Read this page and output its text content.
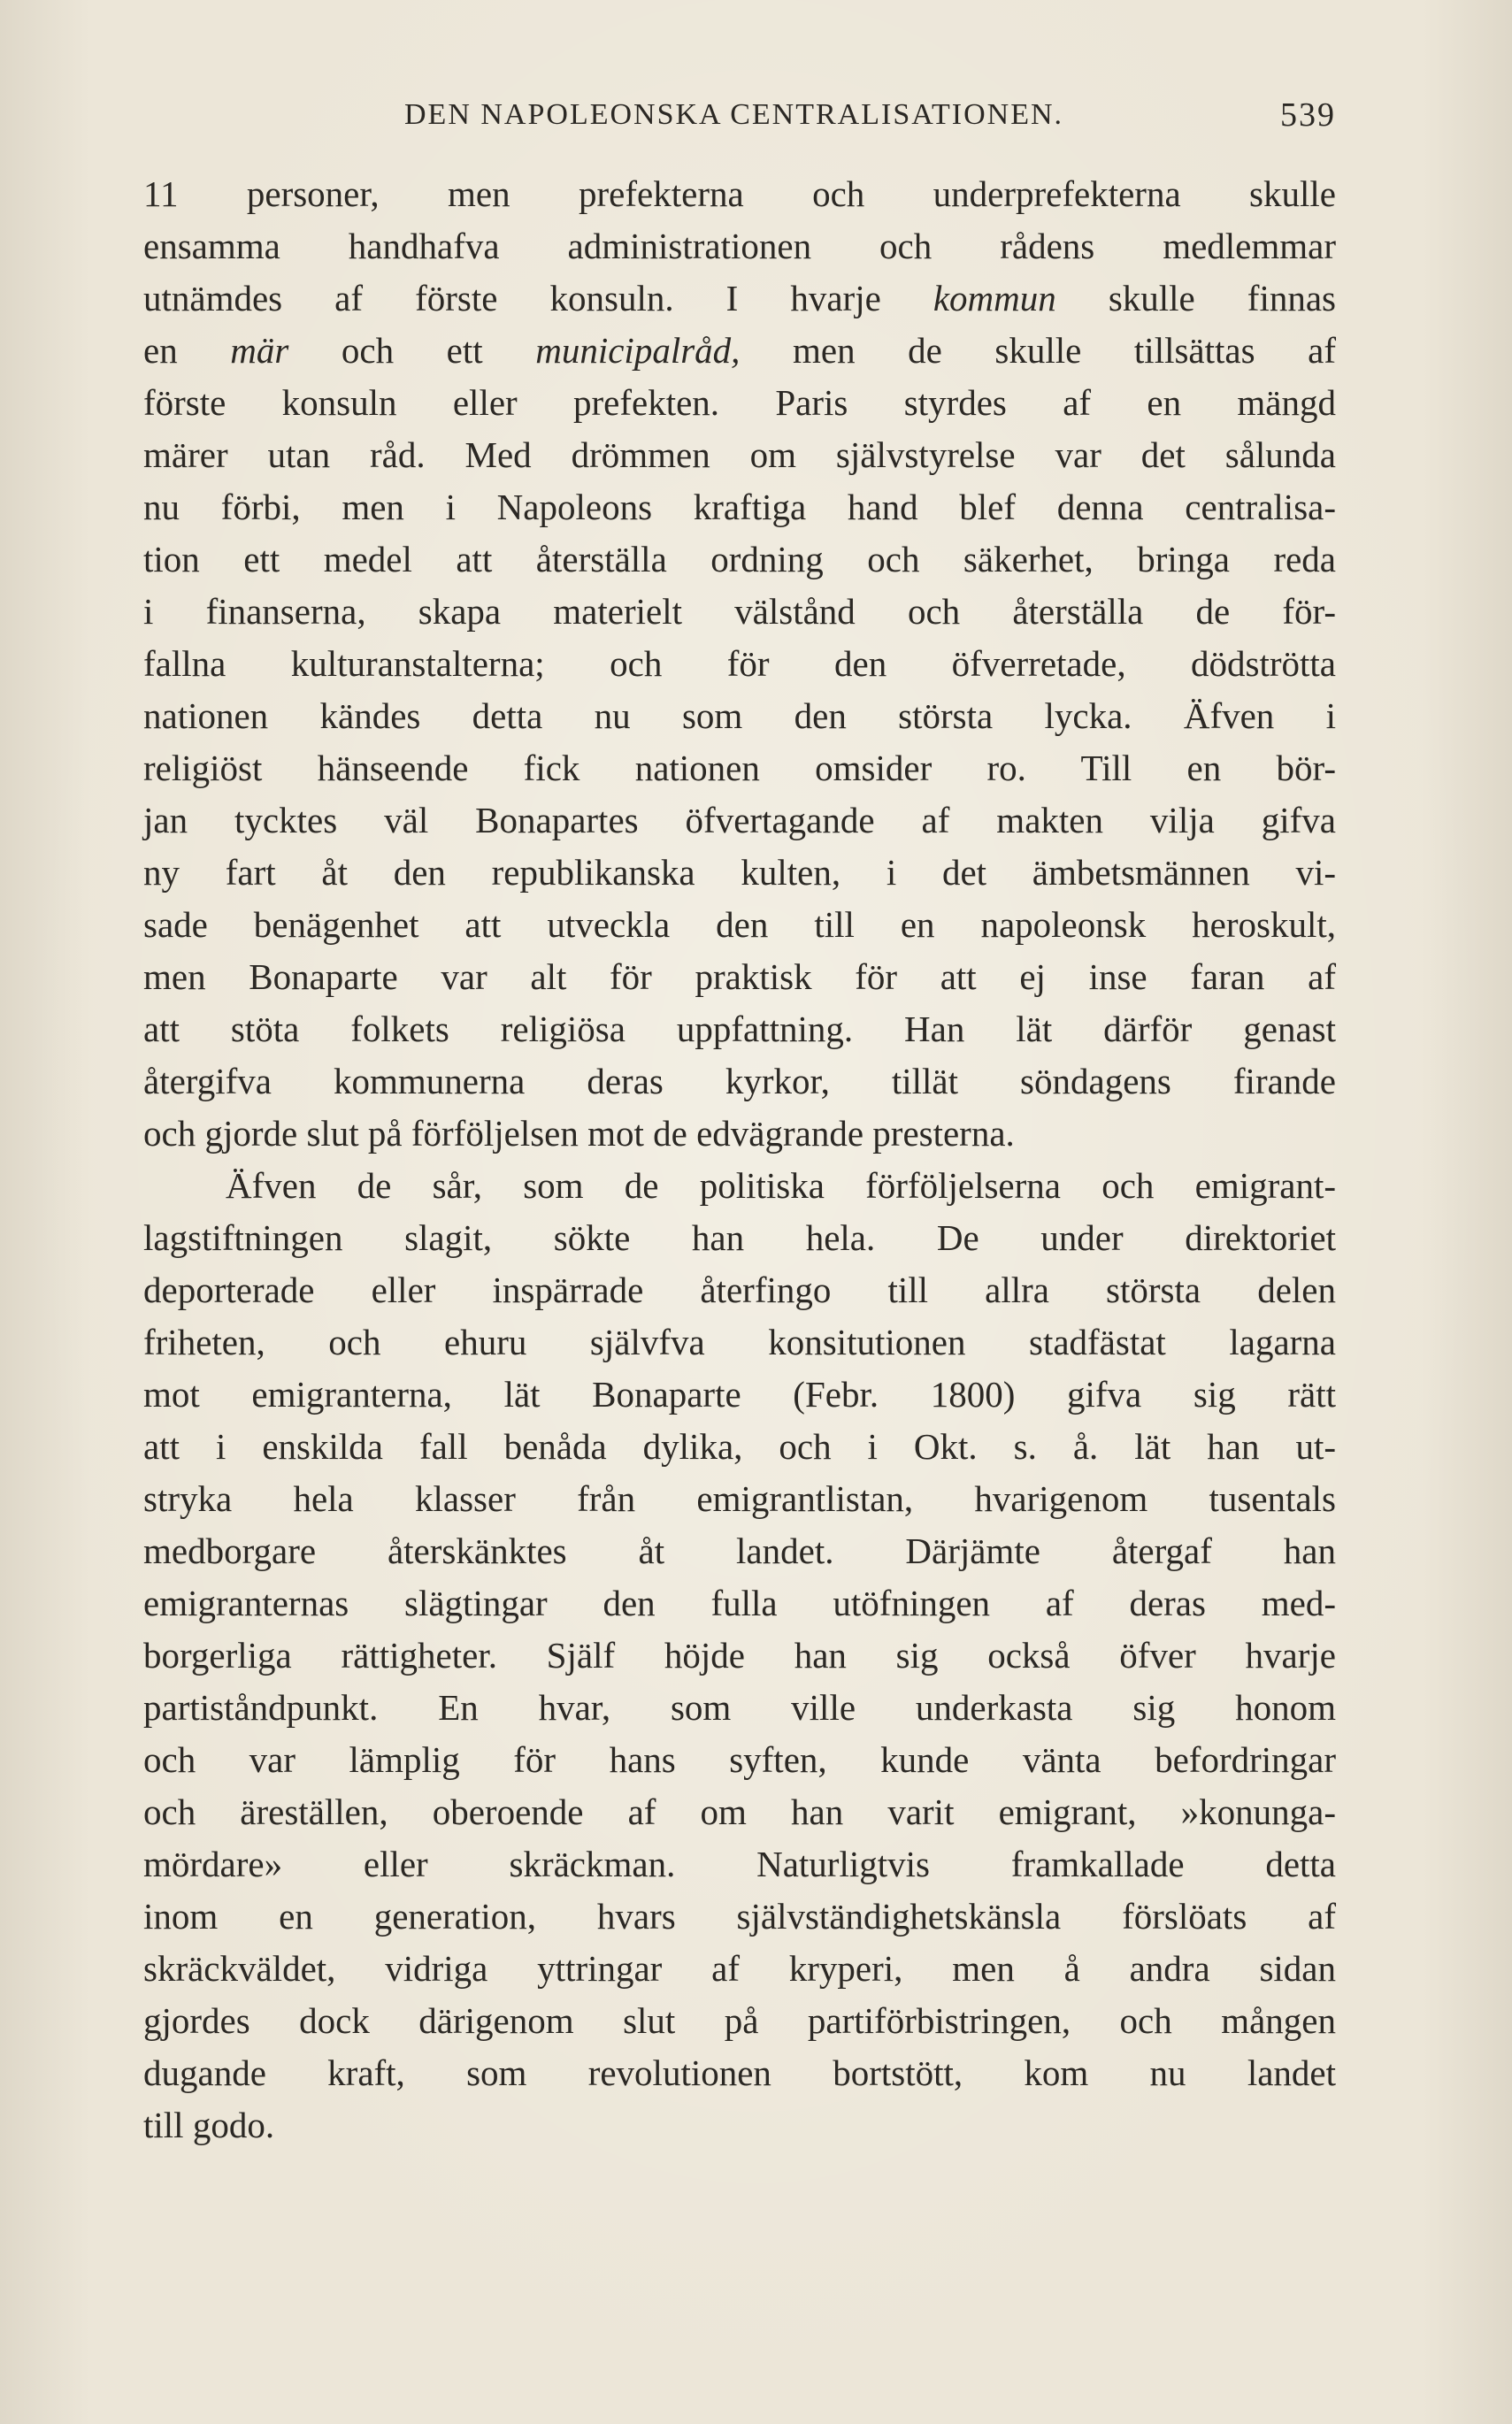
DEN NAPOLEONSKA CENTRALISATIONEN.	539
11 personer, men prefekterna och underprefekterna skulle
ensamma handhafva administrationen och rådens medlemmar
utnämdes af förste konsuln. I hvarje kommun skulle finnas
en mär och ett municipalråd, men de skulle tillsättas af
förste konsuln eller prefekten. Paris styrdes af en mängd
märer utan råd. Med drömmen om självstyrelse var det sålunda
nu förbi, men i Napoleons kraftiga hand blef denna centralisa-
tion ett medel att återställa ordning och säkerhet, bringa reda
i finanserna, skapa materielt välstånd och återställa de för-
fallna kulturanstalterna; och för den öfverretade, dödströtta
nationen kändes detta nu som den största lycka. Äfven i
religiöst hänseende fick nationen omsider ro. Till en bör-
jan tycktes väl Bonapartes öfvertagande af makten vilja gifva
ny fart åt den republikanska kulten, i det ämbetsmännen vi-
sade benägenhet att utveckla den till en napoleonsk heroskult,
men Bonaparte var alt för praktisk för att ej inse faran af
att stöta folkets religiösa uppfattning. Han lät därför genast
återgifva kommunerna deras kyrkor, tillät söndagens firande
och gjorde slut på förföljelsen mot de edvägrande presterna.
Äfven de sår, som de politiska förföljelserna och emigrant-
lagstiftningen slagit, sökte han hela. De under direktoriet
deporterade eller inspärrade återfingo till allra största delen
friheten, och ehuru självfva konsitutionen stadfästat lagarna
mot emigranterna, lät Bonaparte (Febr. 1800) gifva sig rätt
att i enskilda fall benåda dylika, och i Okt. s. å. lät han ut-
stryka hela klasser från emigrantlistan, hvarigenom tusentals
medborgare återskänktes åt landet. Därjämte återgaf han
emigranternas slägtingar den fulla utöfningen af deras med-
borgerliga rättigheter. Själf höjde han sig också öfver hvarje
partiståndpunkt. En hvar, som ville underkasta sig honom
och var lämplig för hans syften, kunde vänta befordringar
och äreställen, oberoende af om han varit emigrant, »konunga-
mördare» eller skräckman. Naturligtvis framkallade detta
inom en generation, hvars självständighetskänsla förslöats af
skräckväldet, vidriga yttringar af kryperi, men å andra sidan
gjordes dock därigenom slut på partiförbistringen, och mången
dugande kraft, som revolutionen bortstött, kom nu landet
till godo.
